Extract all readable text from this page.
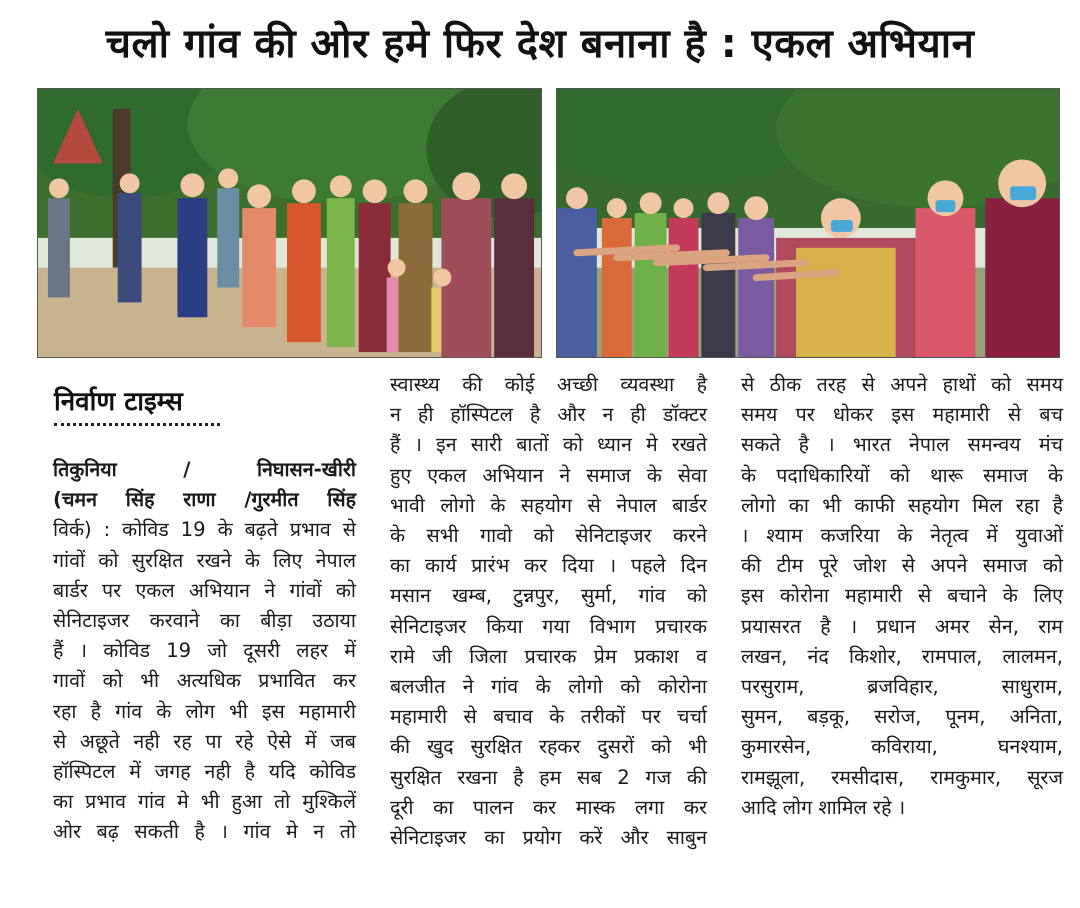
चलो गांव की ओर हमे फिर देश बनाना है : एकल अभियान
निर्वाण टाइम्स
तिकुनिया / निघासन-खीरी
(चमन सिंह राणा /गुरमीत सिंह
विर्क) : कोविड 19 के बढ़ते प्रभाव से
गांवों को सुरक्षित रखने के लिए नेपाल
बार्डर पर एकल अभियान ने गांवों को
सेनिटाइजर करवाने का बीड़ा उठाया
हैं । कोविड 19 जो दूसरी लहर में
गावों को भी अत्यधिक प्रभावित कर
रहा है गांव के लोग भी इस महामारी
से अछूते नही रह पा रहे ऐसे में जब
हॉस्पिटल में जगह नही है यदि कोविड
का प्रभाव गांव मे भी हुआ तो मुश्किलें
ओर बढ़ सकती है । गांव मे न तो
स्वास्थ्य की कोई अच्छी व्यवस्था है
न ही हॉस्पिटल है और न ही डॉक्टर
हैं । इन सारी बातों को ध्यान मे रखते
हुए एकल अभियान ने समाज के सेवा
भावी लोगो के सहयोग से नेपाल बार्डर
के सभी गावो को सेनिटाइजर करने
का कार्य प्रारंभ कर दिया । पहले दिन
मसान खम्ब, टुन्नपुर, सुर्मा, गांव को
सेनिटाइजर किया गया विभाग प्रचारक
रामे जी जिला प्रचारक प्रेम प्रकाश व
बलजीत ने गांव के लोगो को कोरोना
महामारी से बचाव के तरीकों पर चर्चा
की खुद सुरक्षित रहकर दुसरों को भी
सुरक्षित रखना है हम सब 2 गज की
दूरी का पालन कर मास्क लगा कर
सेनिटाइजर का प्रयोग करें और साबुन
से ठीक तरह से अपने हाथों को समय
समय पर धोकर इस महामारी से बच
सकते है । भारत नेपाल समन्वय मंच
के पदाधिकारियों को थारू समाज के
लोगो का भी काफी सहयोग मिल रहा है
। श्याम कजरिया के नेतृत्व में युवाओं
की टीम पूरे जोश से अपने समाज को
इस कोरोना महामारी से बचाने के लिए
प्रयासरत है । प्रधान अमर सेन, राम
लखन, नंद किशोर, रामपाल, लालमन,
परसुराम, ब्रजविहार, साधुराम,
सुमन, बड़कू, सरोज, पूनम, अनिता,
कुमारसेन, कविराया, घनश्याम,
रामझूला, रमसीदास, रामकुमार, सूरज
आदि लोग शामिल रहे ।
